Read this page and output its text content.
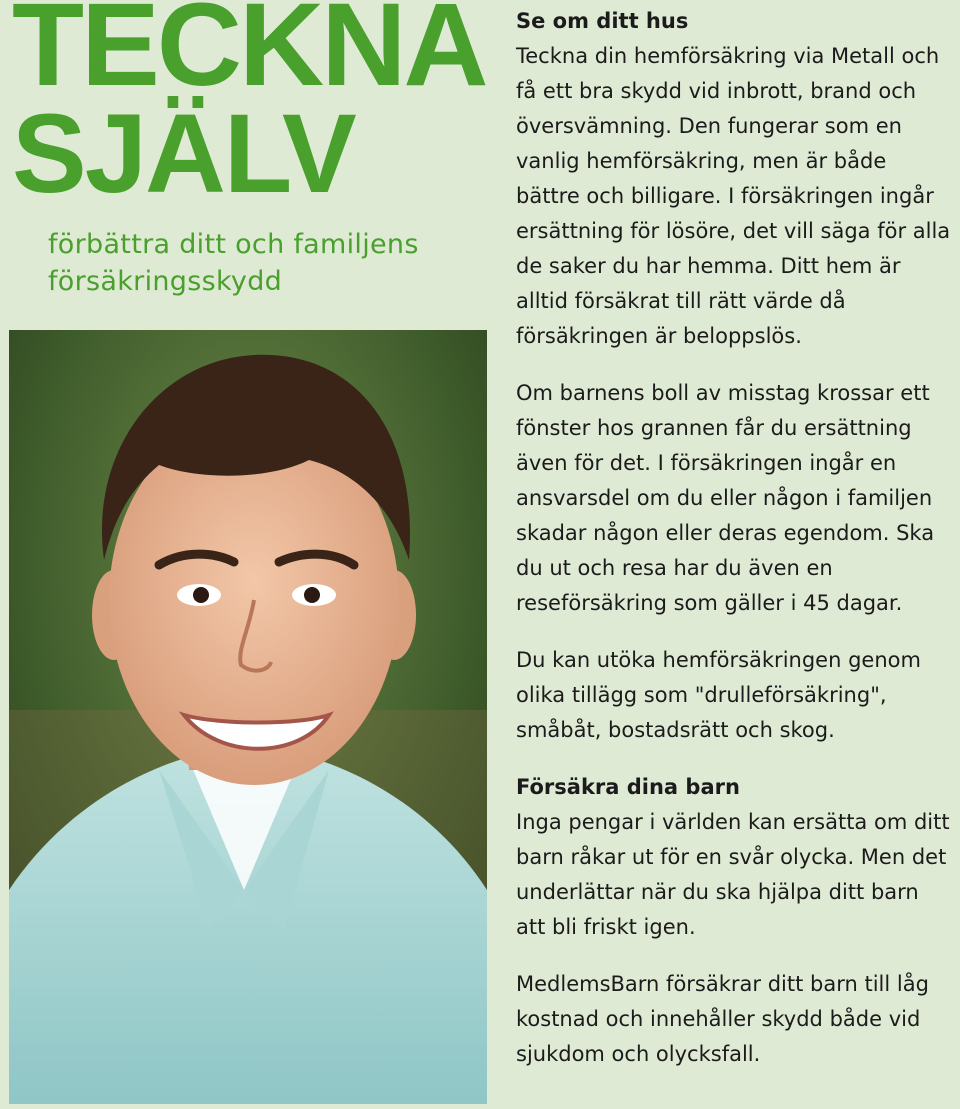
TECKNA
SJÄLV
förbättra ditt och familjens försäkringsskydd
Se om ditt hus

Teckna din hemförsäkring via Metall och få ett bra skydd vid inbrott, brand och översvämning. Den fungerar som en vanlig hemförsäkring, men är både bättre och billigare. I försäkringen ingår ersättning för lösöre, det vill säga för alla de saker du har hemma. Ditt hem är alltid försäkrat till rätt värde då försäkringen är beloppslös.

Om barnens boll av misstag krossar ett fönster hos grannen får du ersättning även för det. I försäkringen ingår en ansvarsdel om du eller någon i familjen skadar någon eller deras egendom. Ska du ut och resa har du även en reseförsäkring som gäller i 45 dagar.

Du kan utöka hemförsäkringen genom olika tillägg som "drulleförsäkring", småbåt, bostadsrätt och skog.

Försäkra dina barn

Inga pengar i världen kan ersätta om ditt barn råkar ut för en svår olycka. Men det underlättar när du ska hjälpa ditt barn att bli friskt igen.

MedlemsBarn försäkrar ditt barn till låg kostnad och innehåller skydd både vid sjukdom och olycksfall.
